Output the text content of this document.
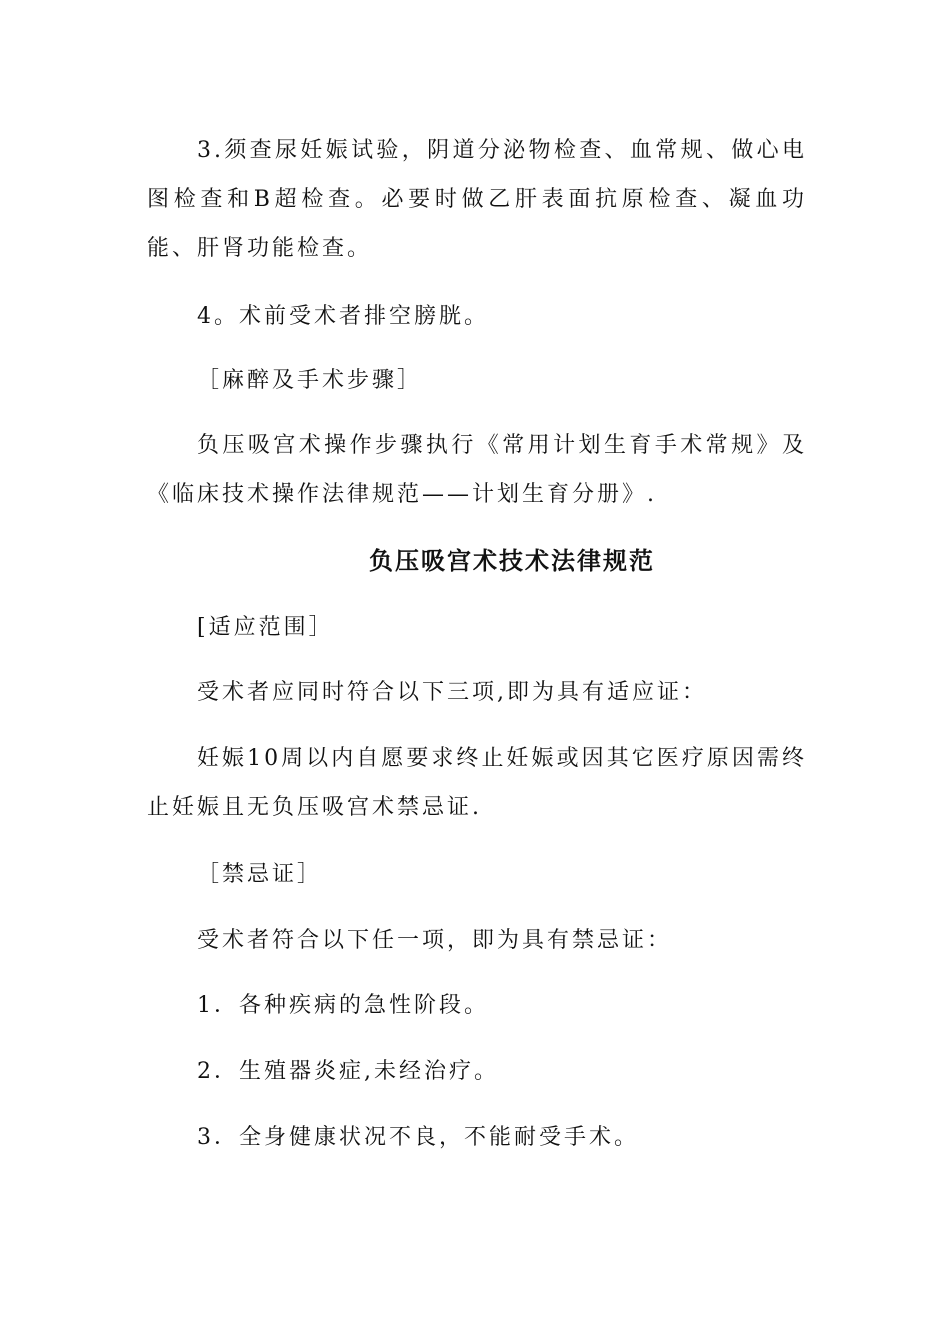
3.须查尿妊娠试验，阴道分泌物检查、血常规、做心电图检查和B超检查。必要时做乙肝表面抗原检查、凝血功能、肝肾功能检查。

4。术前受术者排空膀胱。

［麻醉及手术步骤］

负压吸宫术操作步骤执行《常用计划生育手术常规》及《临床技术操作法律规范——计划生育分册》.

负压吸宫术技术法律规范

[适应范围］

受术者应同时符合以下三项,即为具有适应证：

妊娠10周以内自愿要求终止妊娠或因其它医疗原因需终止妊娠且无负压吸宫术禁忌证.

［禁忌证］

受术者符合以下任一项，即为具有禁忌证：

1．各种疾病的急性阶段。

2．生殖器炎症,未经治疗。

3．全身健康状况不良，不能耐受手术。
